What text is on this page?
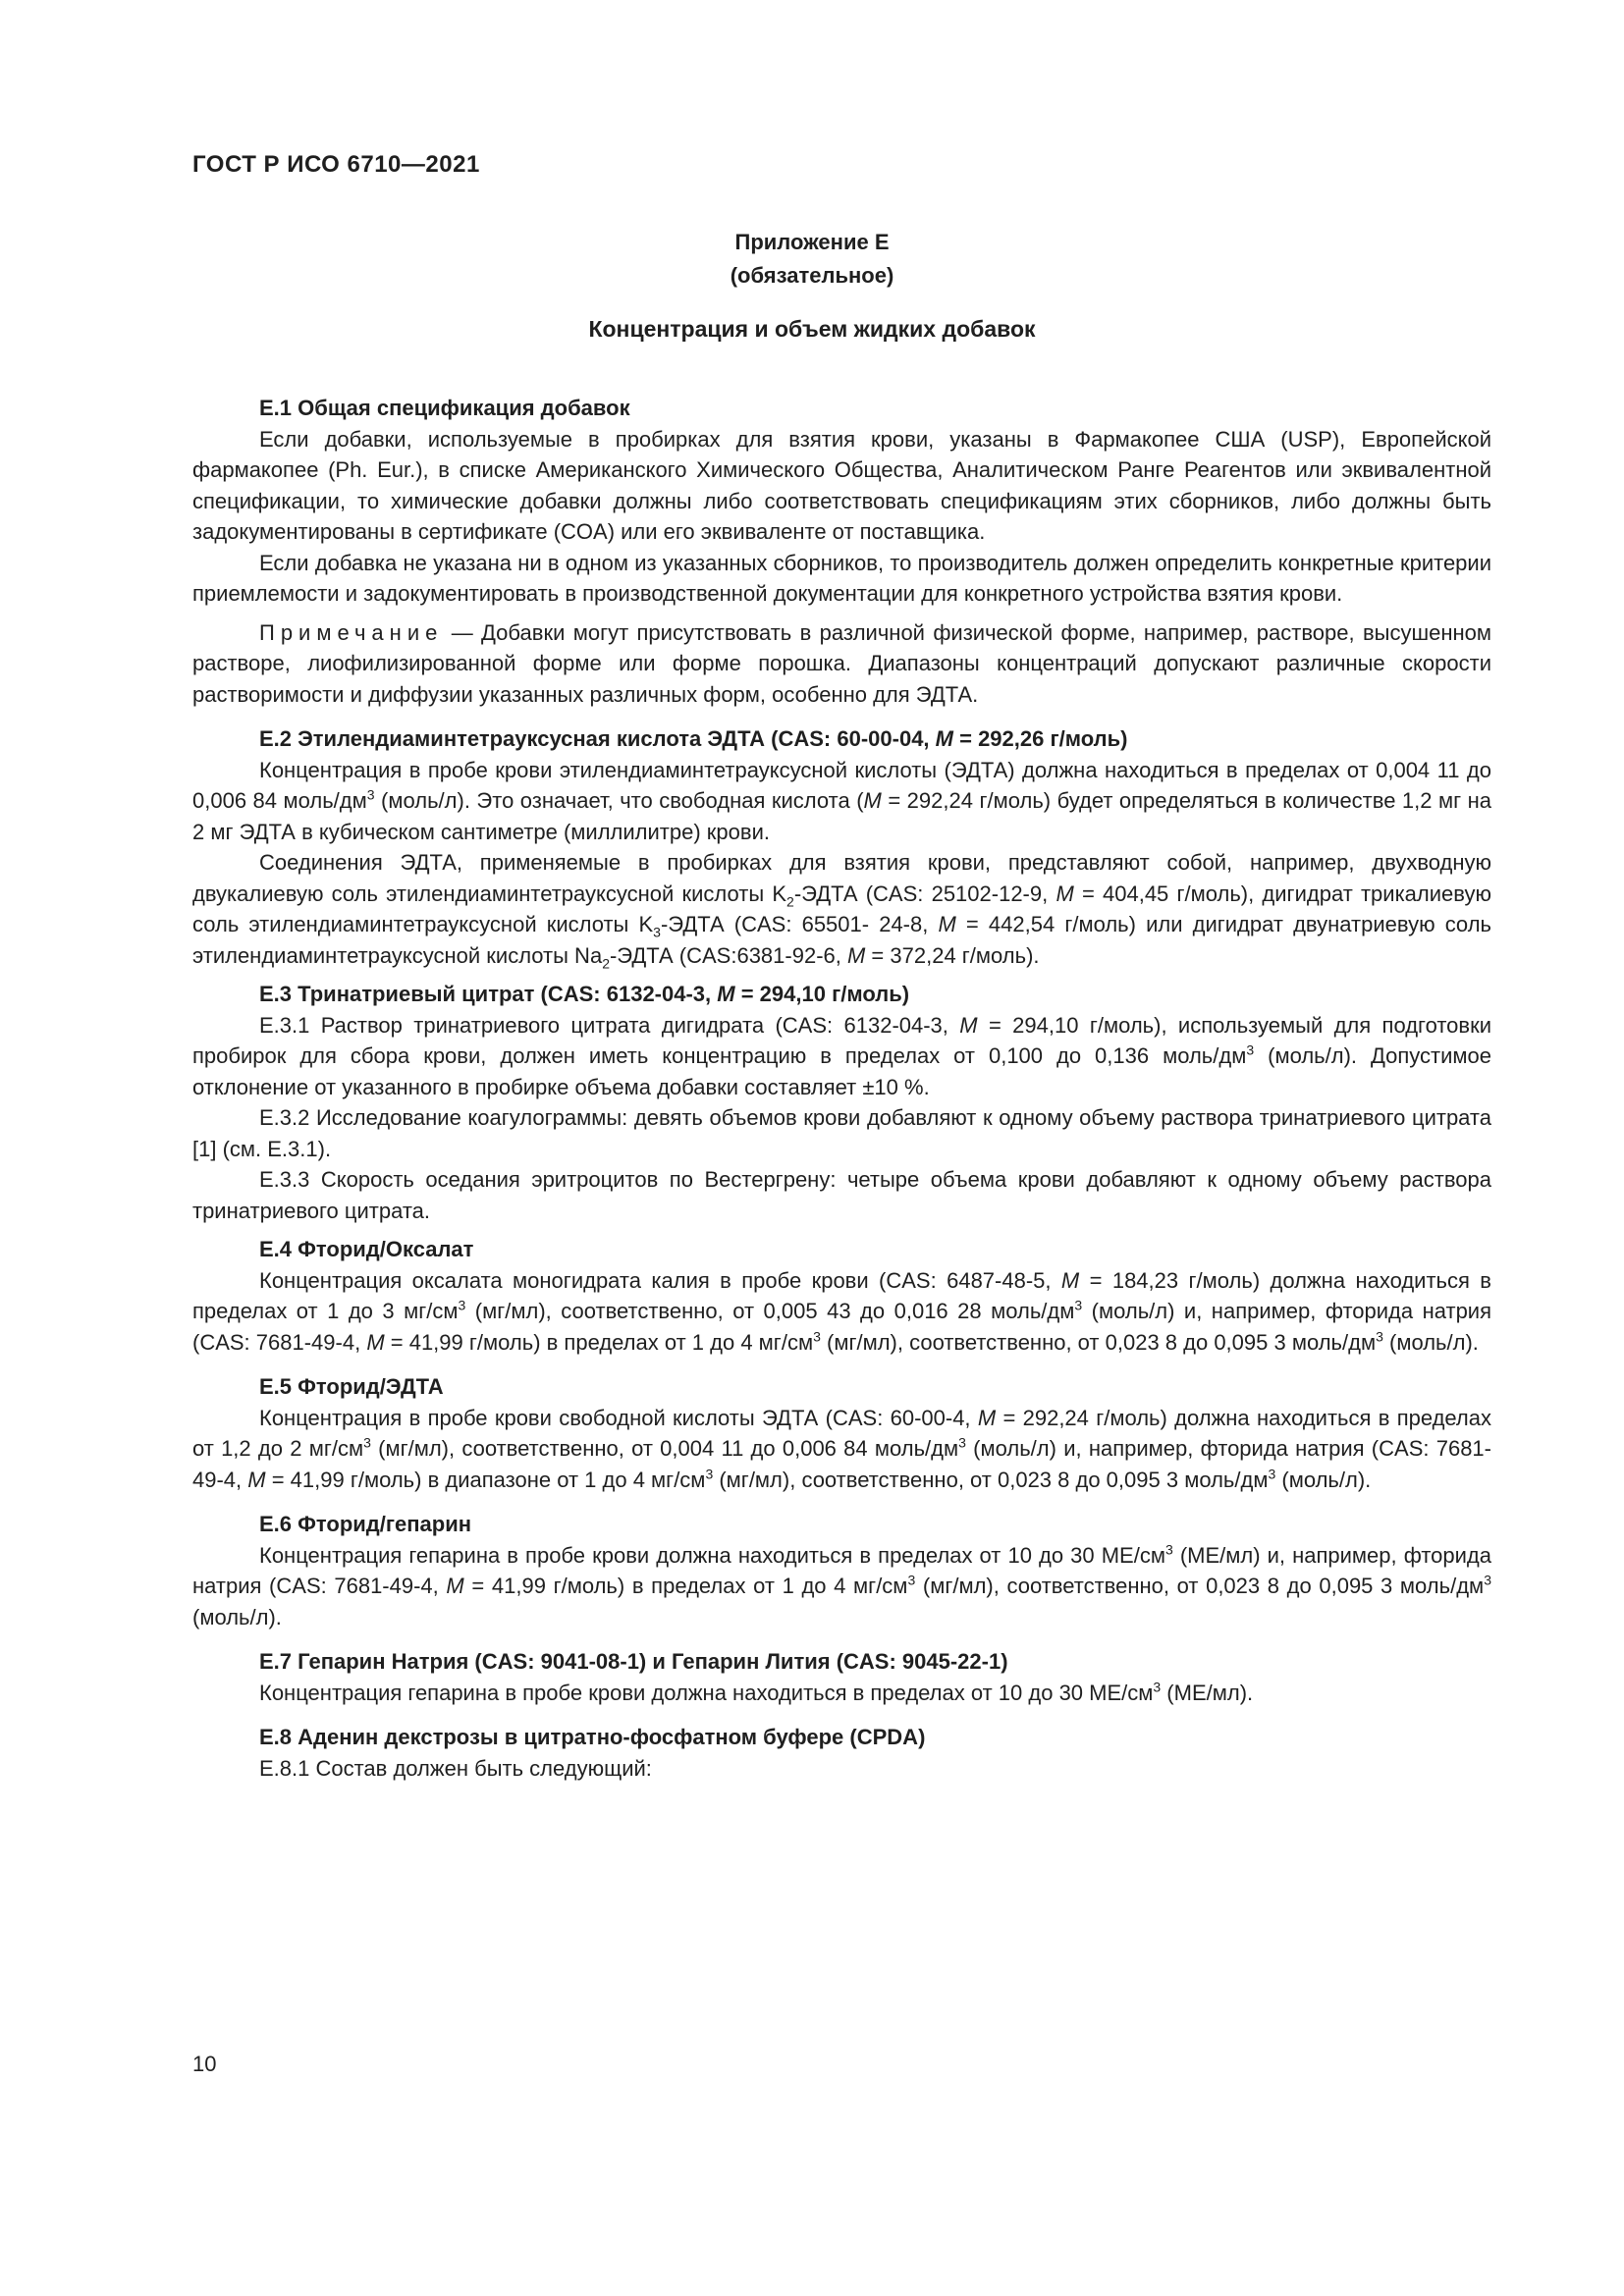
ГОСТ Р ИСО 6710—2021
Приложение Е
(обязательное)
Концентрация и объем жидких добавок
Е.1 Общая спецификация добавок

Если добавки, используемые в пробирках для взятия крови, указаны в Фармакопее США (USP), Европейской фармакопее (Ph. Eur.), в списке Американского Химического Общества, Аналитическом Ранге Реагентов или эквивалентной спецификации, то химические добавки должны либо соответствовать спецификациям этих сборников, либо должны быть задокументированы в сертификате (COA) или его эквиваленте от поставщика.

Если добавка не указана ни в одном из указанных сборников, то производитель должен определить конкретные критерии приемлемости и задокументировать в производственной документации для конкретного устройства взятия крови.

Примечание — Добавки могут присутствовать в различной физической форме, например, растворе, высушенном растворе, лиофилизированной форме или форме порошка. Диапазоны концентраций допускают различные скорости растворимости и диффузии указанных различных форм, особенно для ЭДТА.

Е.2 Этилендиаминтетрауксусная кислота ЭДТА (CAS: 60-00-04, M = 292,26 г/моль)

Концентрация в пробе крови этилендиаминтетрауксусной кислоты (ЭДТА) должна находиться в пределах от 0,004 11 до 0,006 84 моль/$дм^3$ (моль/л). Это означает, что свободная кислота (M = 292,24 г/моль) будет определяться в количестве 1,2 мг на 2 мг ЭДТА в кубическом сантиметре (миллилитре) крови.

Соединения ЭДТА, применяемые в пробирках для взятия крови, представляют собой, например, двухводную двукалиевую соль этилендиаминтетрауксусной кислоты $K_2$-ЭДТА (CAS: 25102-12-9, M = 404,45 г/моль), дигидрат трикалиевую соль этилендиаминтетрауксусной кислоты $K_3$-ЭДТА (CAS: 65501- 24-8, M = 442,54 г/моль) или дигидрат двунатриевую соль этилендиаминтетрауксусной кислоты $Na_2$-ЭДТА (CAS:6381-92-6, M = 372,24 г/моль).

Е.3 Тринатриевый цитрат (CAS: 6132-04-3, M = 294,10 г/моль)

Е.3.1 Раствор тринатриевого цитрата дигидрата (CAS: 6132-04-3, M = 294,10 г/моль), используемый для подготовки пробирок для сбора крови, должен иметь концентрацию в пределах от 0,100 до 0,136 моль/$дм^3$ (моль/л). Допустимое отклонение от указанного в пробирке объема добавки составляет ±10 %.

Е.3.2 Исследование коагулограммы: девять объемов крови добавляют к одному объему раствора тринатриевого цитрата [1] (см. Е.3.1).

Е.3.3 Скорость оседания эритроцитов по Вестергрену: четыре объема крови добавляют к одному объему раствора тринатриевого цитрата.

Е.4 Фторид/Оксалат

Концентрация оксалата моногидрата калия в пробе крови (CAS: 6487-48-5, M = 184,23 г/моль) должна находиться в пределах от 1 до 3 $мг/см^3$ (мг/мл), соответственно, от 0,005 43 до 0,016 28 моль/$дм^3$ (моль/л) и, например, фторида натрия (CAS: 7681-49-4, M = 41,99 г/моль) в пределах от 1 до 4 $мг/см^3$ (мг/мл), соответственно, от 0,023 8 до 0,095 3 моль/$дм^3$ (моль/л).

Е.5 Фторид/ЭДТА

Концентрация в пробе крови свободной кислоты ЭДТА (CAS: 60-00-4, M = 292,24 г/моль) должна находиться в пределах от 1,2 до 2 $мг/см^3$ (мг/мл), соответственно, от 0,004 11 до 0,006 84 моль/$дм^3$ (моль/л) и, например, фторида натрия (CAS: 7681-49-4, M = 41,99 г/моль) в диапазоне от 1 до 4 $мг/см^3$ (мг/мл), соответственно, от 0,023 8 до 0,095 3 моль/$дм^3$ (моль/л).

Е.6 Фторид/гепарин

Концентрация гепарина в пробе крови должна находиться в пределах от 10 до 30 $МЕ/см^3$ (МЕ/мл) и, например, фторида натрия (CAS: 7681-49-4, M = 41,99 г/моль) в пределах от 1 до 4 $мг/см^3$ (мг/мл), соответственно, от 0,023 8 до 0,095 3 моль/$дм^3$ (моль/л).

Е.7 Гепарин Натрия (CAS: 9041-08-1) и Гепарин Лития (CAS: 9045-22-1)

Концентрация гепарина в пробе крови должна находиться в пределах от 10 до 30 $МЕ/см^3$ (МЕ/мл).

Е.8 Аденин декстрозы в цитратно-фосфатном буфере (CPDA)

Е.8.1 Состав должен быть следующий:

10
